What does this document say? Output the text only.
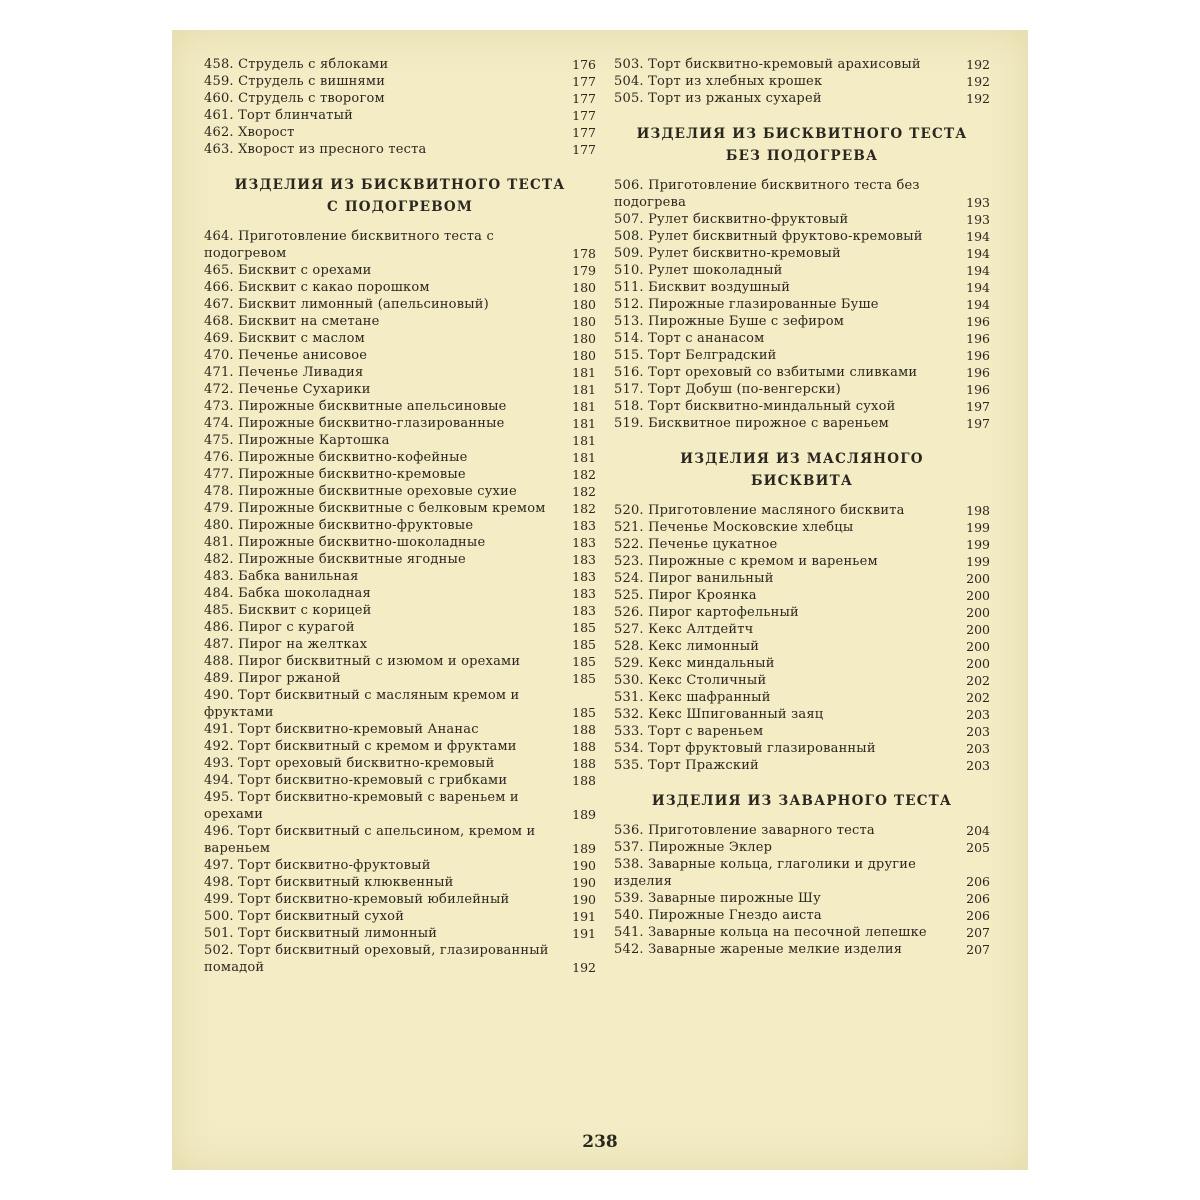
458. Струдель с яблоками	176
459. Струдель с вишнями	177
460. Струдель с творогом	177
461. Торт блинчатый	177
462. Хворост	177
463. Хворост из пресного теста	177
ИЗДЕЛИЯ ИЗ БИСКВИТНОГО ТЕСТА
С ПОДОГРЕВОМ
464. Приготовление бисквитного теста с подогревом	178
465. Бисквит с орехами	179
466. Бисквит с какао порошком	180
467. Бисквит лимонный (апельсиновый)	180
468. Бисквит на сметане	180
469. Бисквит с маслом	180
470. Печенье анисовое	180
471. Печенье Ливадия	181
472. Печенье Сухарики	181
473. Пирожные бисквитные апельсиновые	181
474. Пирожные бисквитно-глазированные	181
475. Пирожные Картошка	181
476. Пирожные бисквитно-кофейные	181
477. Пирожные бисквитно-кремовые	182
478. Пирожные бисквитные ореховые сухие	182
479. Пирожные бисквитные с белковым кремом	182
480. Пирожные бисквитно-фруктовые	183
481. Пирожные бисквитно-шоколадные	183
482. Пирожные бисквитные ягодные	183
483. Бабка ванильная	183
484. Бабка шоколадная	183
485. Бисквит с корицей	183
486. Пирог с курагой	185
487. Пирог на желтках	185
488. Пирог бисквитный с изюмом и орехами	185
489. Пирог ржаной	185
490. Торт бисквитный с масляным кремом и фруктами	185
491. Торт бисквитно-кремовый Ананас	188
492. Торт бисквитный с кремом и фруктами	188
493. Торт ореховый бисквитно-кремовый	188
494. Торт бисквитно-кремовый с грибками	188
495. Торт бисквитно-кремовый с вареньем и орехами	189
496. Торт бисквитный с апельсином, кремом и вареньем	189
497. Торт бисквитно-фруктовый	190
498. Торт бисквитный клюквенный	190
499. Торт бисквитно-кремовый юбилейный	190
500. Торт бисквитный сухой	191
501. Торт бисквитный лимонный	191
502. Торт бисквитный ореховый, глазированный помадой	192
503. Торт бисквитно-кремовый арахисовый	192
504. Торт из хлебных крошек	192
505. Торт из ржаных сухарей	192
ИЗДЕЛИЯ ИЗ БИСКВИТНОГО ТЕСТА
БЕЗ ПОДОГРЕВА
506. Приготовление бисквитного теста без подогрева	193
507. Рулет бисквитно-фруктовый	193
508. Рулет бисквитный фруктово-кремовый	194
509. Рулет бисквитно-кремовый	194
510. Рулет шоколадный	194
511. Бисквит воздушный	194
512. Пирожные глазированные Буше	194
513. Пирожные Буше с зефиром	196
514. Торт с ананасом	196
515. Торт Белградский	196
516. Торт ореховый со взбитыми сливками	196
517. Торт Добуш (по-венгерски)	196
518. Торт бисквитно-миндальный сухой	197
519. Бисквитное пирожное с вареньем	197
ИЗДЕЛИЯ ИЗ МАСЛЯНОГО
БИСКВИТА
520. Приготовление масляного бисквита	198
521. Печенье Московские хлебцы	199
522. Печенье цукатное	199
523. Пирожные с кремом и вареньем	199
524. Пирог ванильный	200
525. Пирог Кроянка	200
526. Пирог картофельный	200
527. Кекс Алтдейтч	200
528. Кекс лимонный	200
529. Кекс миндальный	200
530. Кекс Столичный	202
531. Кекс шафранный	202
532. Кекс Шпигованный заяц	203
533. Торт с вареньем	203
534. Торт фруктовый глазированный	203
535. Торт Пражский	203
ИЗДЕЛИЯ ИЗ ЗАВАРНОГО ТЕСТА
536. Приготовление заварного теста	204
537. Пирожные Эклер	205
538. Заварные кольца, глаголики и другие изделия	206
539. Заварные пирожные Шу	206
540. Пирожные Гнездо аиста	206
541. Заварные кольца на песочной лепешке	207
542. Заварные жареные мелкие изделия	207
238
